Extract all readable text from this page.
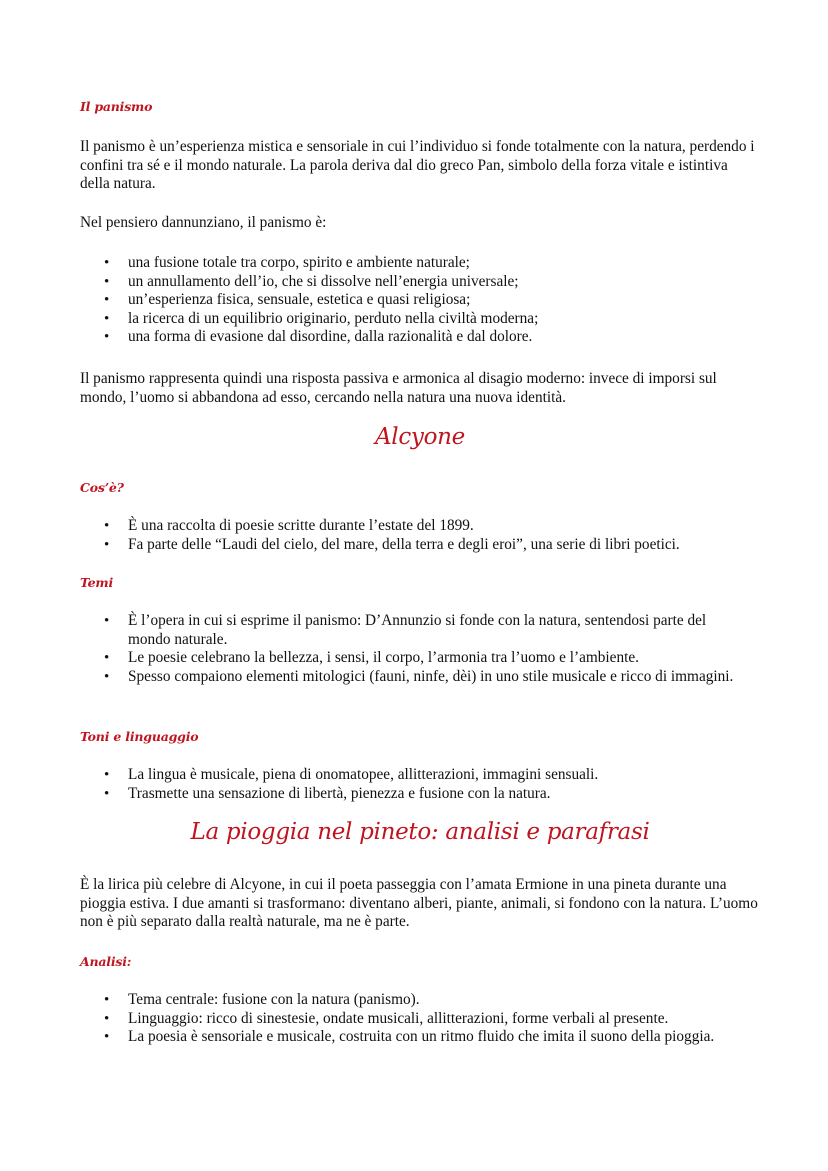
Il panismo

Il panismo è un’esperienza mistica e sensoriale in cui l’individuo si fonde totalmente con la natura, perdendo i confini tra sé e il mondo naturale. La parola deriva dal dio greco Pan, simbolo della forza vitale e istintiva della natura.

Nel pensiero dannunziano, il panismo è:

• una fusione totale tra corpo, spirito e ambiente naturale;
• un annullamento dell’io, che si dissolve nell’energia universale;
• un’esperienza fisica, sensuale, estetica e quasi religiosa;
• la ricerca di un equilibrio originario, perduto nella civiltà moderna;
• una forma di evasione dal disordine, dalla razionalità e dal dolore.

Il panismo rappresenta quindi una risposta passiva e armonica al disagio moderno: invece di imporsi sul mondo, l’uomo si abbandona ad esso, cercando nella natura una nuova identità.

Alcyone
Cos’è?
• È una raccolta di poesie scritte durante l’estate del 1899.
• Fa parte delle “Laudi del cielo, del mare, della terra e degli eroi”, una serie di libri poetici.
Temi
• È l’opera in cui si esprime il panismo: D’Annunzio si fonde con la natura, sentendosi parte del mondo naturale.
• Le poesie celebrano la bellezza, i sensi, il corpo, l’armonia tra l’uomo e l’ambiente.
• Spesso compaiono elementi mitologici (fauni, ninfe, dèi) in uno stile musicale e ricco di immagini.
Toni e linguaggio
• La lingua è musicale, piena di onomatopee, allitterazioni, immagini sensuali.
• Trasmette una sensazione di libertà, pienezza e fusione con la natura.
La pioggia nel pineto: analisi e parafrasi

È la lirica più celebre di Alcyone, in cui il poeta passeggia con l’amata Ermione in una pineta durante una pioggia estiva. I due amanti si trasformano: diventano alberi, piante, animali, si fondono con la natura. L’uomo non è più separato dalla realtà naturale, ma ne è parte.

Analisi:
• Tema centrale: fusione con la natura (panismo).
• Linguaggio: ricco di sinestesie, ondate musicali, allitterazioni, forme verbali al presente.
• La poesia è sensoriale e musicale, costruita con un ritmo fluido che imita il suono della pioggia.
